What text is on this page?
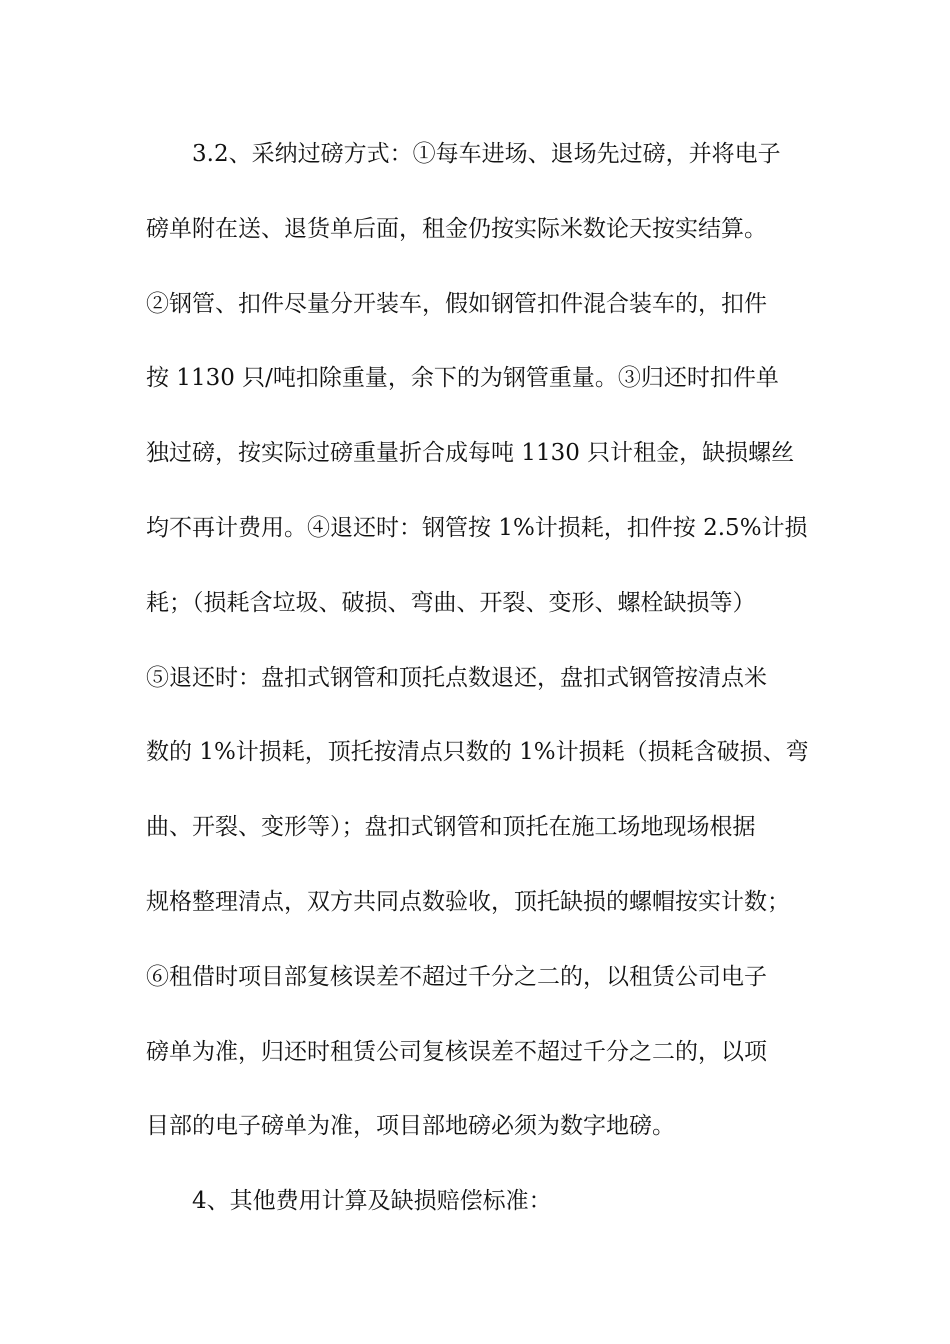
3.2、采纳过磅方式：①每车进场、退场先过磅，并将电子
磅单附在送、退货单后面，租金仍按实际米数论天按实结算。
②钢管、扣件尽量分开装车，假如钢管扣件混合装车的，扣件
按 1130 只/吨扣除重量，余下的为钢管重量。③归还时扣件单
独过磅，按实际过磅重量折合成每吨 1130 只计租金，缺损螺丝
均不再计费用。④退还时：钢管按 1%计损耗，扣件按 2.5%计损
耗；（损耗含垃圾、破损、弯曲、开裂、变形、螺栓缺损等）
⑤退还时：盘扣式钢管和顶托点数退还，盘扣式钢管按清点米
数的 1%计损耗，顶托按清点只数的 1%计损耗（损耗含破损、弯
曲、开裂、变形等）；盘扣式钢管和顶托在施工场地现场根据
规格整理清点，双方共同点数验收，顶托缺损的螺帽按实计数；
⑥租借时项目部复核误差不超过千分之二的，以租赁公司电子
磅单为准，归还时租赁公司复核误差不超过千分之二的，以项
目部的电子磅单为准，项目部地磅必须为数字地磅。
4、其他费用计算及缺损赔偿标准：
